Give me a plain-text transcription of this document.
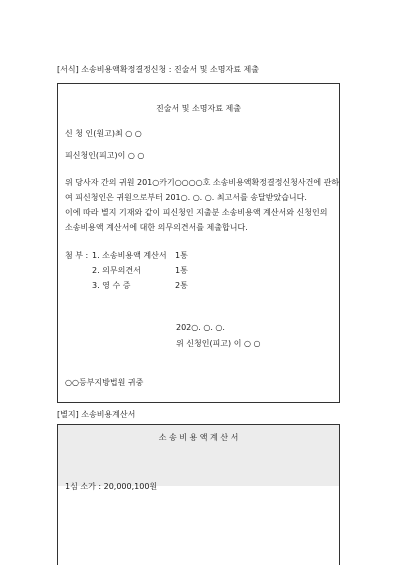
[서식] 소송비용액확정결정신청 : 진술서 및 소명자료 제출
진술서 및 소명자료 제출
신 청 인(원고)최 ○ ○
피신청인(피고)이 ○ ○
위 당사자 간의 귀원 201○카기○○○○호 소송비용액확정결정신청사건에 관하
여 피신청인은 귀원으로부터 201○. ○. ○. 최고서를 송달받았습니다.
이에 따라 별지 기재와 같이 피신청인 지출분 소송비용액 계산서와 신청인의
소송비용액 계산서에 대한 의무의견서를 제출합니다.
첨 부 : 1. 소송비용액 계산서 1통
2. 의무의견서	1통
3. 영 수 증	2통
202○. ○. ○.
위 신청인(피고) 이 ○ ○
○○등부지방법원 귀중
[별지] 소송비용계산서
소 송 비 용 액 계 산 서
1심 소가 : 20,000,100원
